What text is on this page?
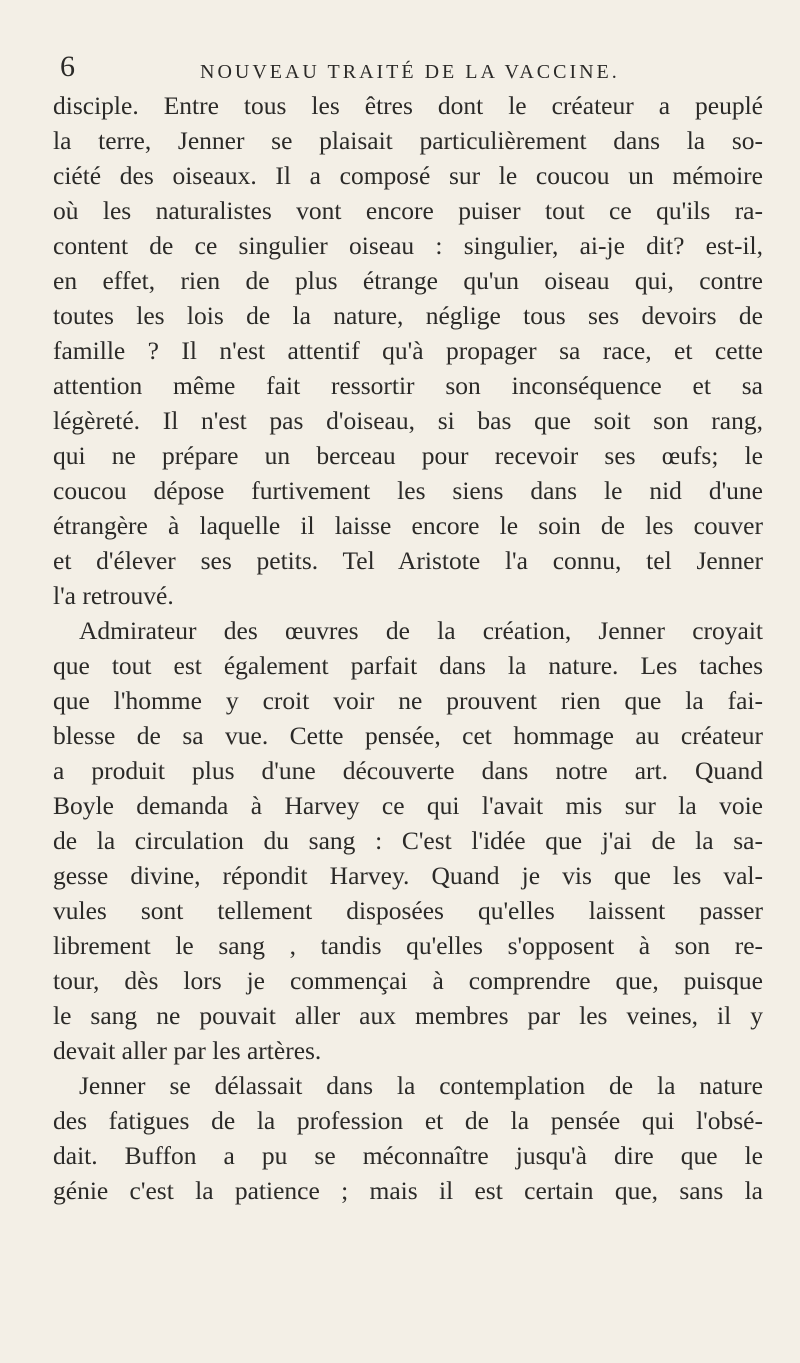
6	NOUVEAU TRAITÉ DE LA VACCINE.
disciple. Entre tous les êtres dont le créateur a peuplé
la terre, Jenner se plaisait particulièrement dans la so-
ciété des oiseaux. Il a composé sur le coucou un mémoire
où les naturalistes vont encore puiser tout ce qu'ils ra-
content de ce singulier oiseau : singulier, ai-je dit? est-il,
en effet, rien de plus étrange qu'un oiseau qui, contre
toutes les lois de la nature, néglige tous ses devoirs de
famille ? Il n'est attentif qu'à propager sa race, et cette
attention même fait ressortir son inconséquence et sa
légèreté. Il n'est pas d'oiseau, si bas que soit son rang,
qui ne prépare un berceau pour recevoir ses œufs; le
coucou dépose furtivement les siens dans le nid d'une
étrangère à laquelle il laisse encore le soin de les couver
et d'élever ses petits. Tel Aristote l'a connu, tel Jenner
l'a retrouvé.
Admirateur des œuvres de la création, Jenner croyait
que tout est également parfait dans la nature. Les taches
que l'homme y croit voir ne prouvent rien que la fai-
blesse de sa vue. Cette pensée, cet hommage au créateur
a produit plus d'une découverte dans notre art. Quand
Boyle demanda à Harvey ce qui l'avait mis sur la voie
de la circulation du sang : C'est l'idée que j'ai de la sa-
gesse divine, répondit Harvey. Quand je vis que les val-
vules sont tellement disposées qu'elles laissent passer
librement le sang , tandis qu'elles s'opposent à son re-
tour, dès lors je commençai à comprendre que, puisque
le sang ne pouvait aller aux membres par les veines, il y
devait aller par les artères.
Jenner se délassait dans la contemplation de la nature
des fatigues de la profession et de la pensée qui l'obsé-
dait. Buffon a pu se méconnaître jusqu'à dire que le
génie c'est la patience ; mais il est certain que, sans la
